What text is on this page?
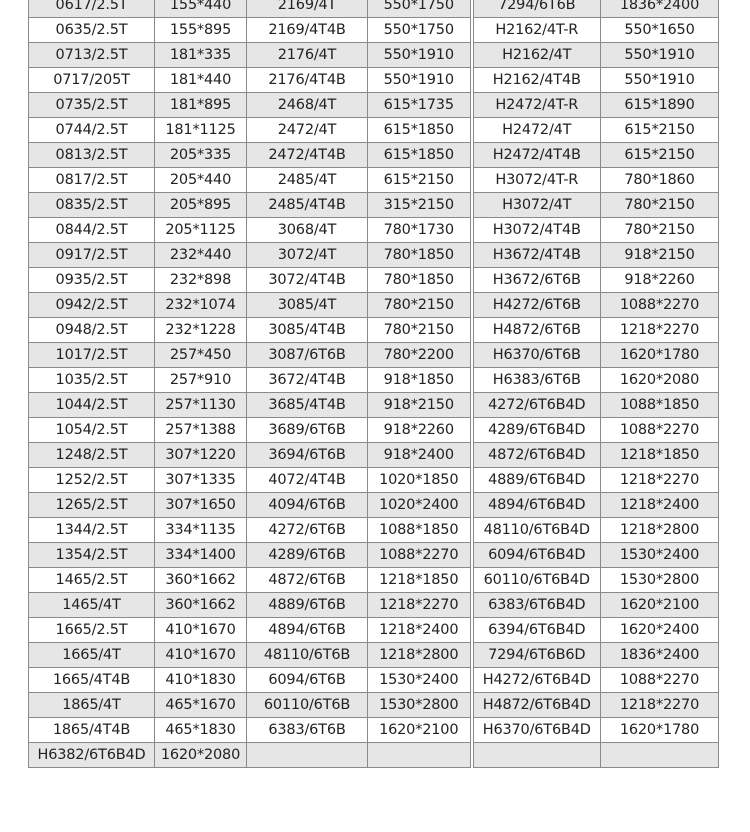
0617/2.5T	155*440	2169/4T	550*1750	7294/6T6B	1836*2400
0635/2.5T	155*895	2169/4T4B	550*1750	H2162/4T-R	550*1650
0713/2.5T	181*335	2176/4T	550*1910	H2162/4T	550*1910
0717/205T	181*440	2176/4T4B	550*1910	H2162/4T4B	550*1910
0735/2.5T	181*895	2468/4T	615*1735	H2472/4T-R	615*1890
0744/2.5T	181*1125	2472/4T	615*1850	H2472/4T	615*2150
0813/2.5T	205*335	2472/4T4B	615*1850	H2472/4T4B	615*2150
0817/2.5T	205*440	2485/4T	615*2150	H3072/4T-R	780*1860
0835/2.5T	205*895	2485/4T4B	315*2150	H3072/4T	780*2150
0844/2.5T	205*1125	3068/4T	780*1730	H3072/4T4B	780*2150
0917/2.5T	232*440	3072/4T	780*1850	H3672/4T4B	918*2150
0935/2.5T	232*898	3072/4T4B	780*1850	H3672/6T6B	918*2260
0942/2.5T	232*1074	3085/4T	780*2150	H4272/6T6B	1088*2270
0948/2.5T	232*1228	3085/4T4B	780*2150	H4872/6T6B	1218*2270
1017/2.5T	257*450	3087/6T6B	780*2200	H6370/6T6B	1620*1780
1035/2.5T	257*910	3672/4T4B	918*1850	H6383/6T6B	1620*2080
1044/2.5T	257*1130	3685/4T4B	918*2150	4272/6T6B4D	1088*1850
1054/2.5T	257*1388	3689/6T6B	918*2260	4289/6T6B4D	1088*2270
1248/2.5T	307*1220	3694/6T6B	918*2400	4872/6T6B4D	1218*1850
1252/2.5T	307*1335	4072/4T4B	1020*1850	4889/6T6B4D	1218*2270
1265/2.5T	307*1650	4094/6T6B	1020*2400	4894/6T6B4D	1218*2400
1344/2.5T	334*1135	4272/6T6B	1088*1850	48110/6T6B4D	1218*2800
1354/2.5T	334*1400	4289/6T6B	1088*2270	6094/6T6B4D	1530*2400
1465/2.5T	360*1662	4872/6T6B	1218*1850	60110/6T6B4D	1530*2800
1465/4T	360*1662	4889/6T6B	1218*2270	6383/6T6B4D	1620*2100
1665/2.5T	410*1670	4894/6T6B	1218*2400	6394/6T6B4D	1620*2400
1665/4T	410*1670	48110/6T6B	1218*2800	7294/6T6B6D	1836*2400
1665/4T4B	410*1830	6094/6T6B	1530*2400	H4272/6T6B4D	1088*2270
1865/4T	465*1670	60110/6T6B	1530*2800	H4872/6T6B4D	1218*2270
1865/4T4B	465*1830	6383/6T6B	1620*2100	H6370/6T6B4D	1620*1780
H6382/6T6B4D	1620*2080				
